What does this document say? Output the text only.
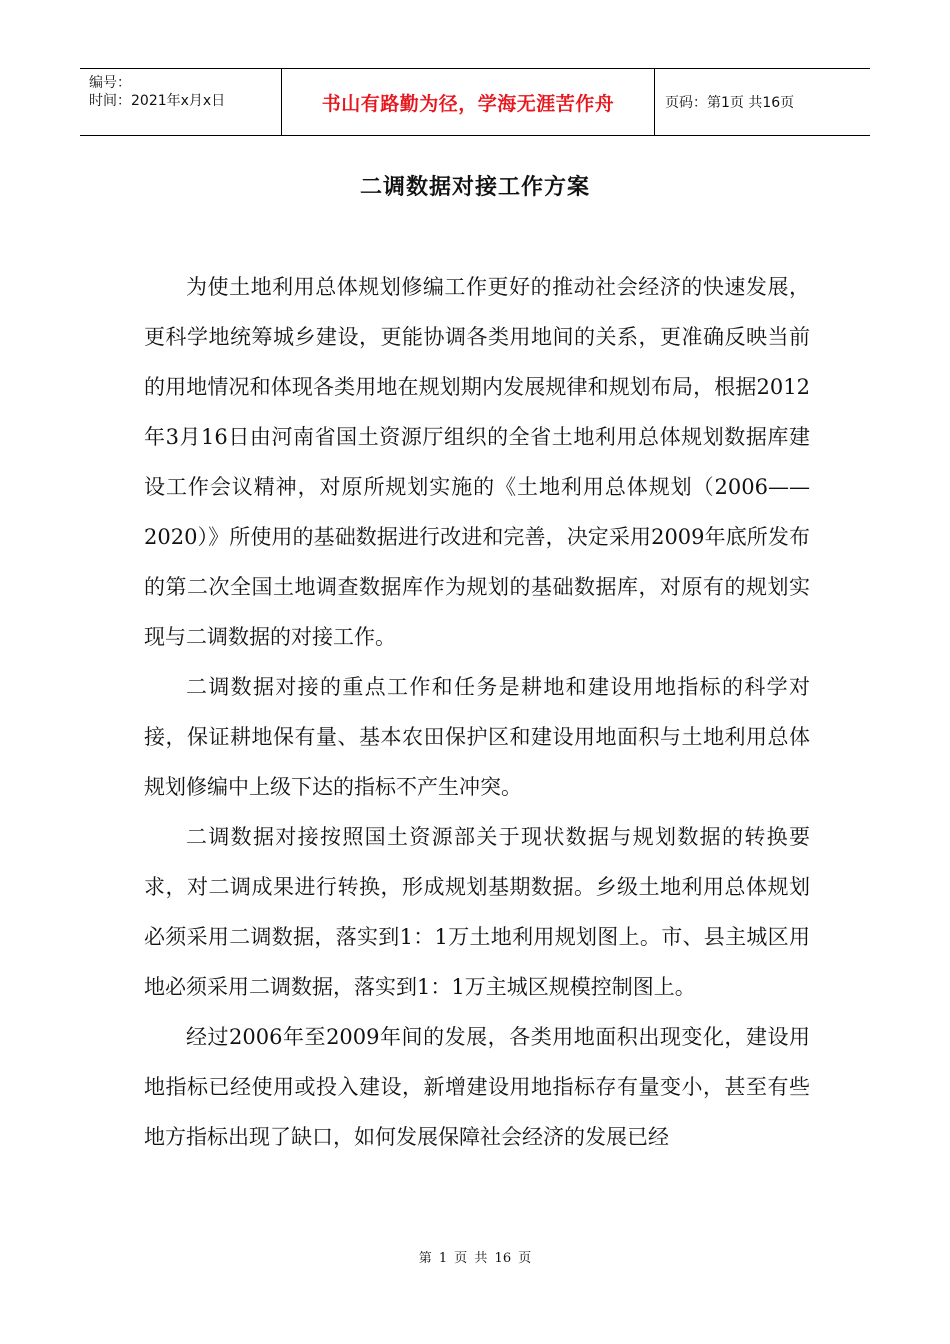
编号：
时间：2021年x月x日	书山有路勤为径，学海无涯苦作舟	页码：第1页 共16页
二调数据对接工作方案

为使土地利用总体规划修编工作更好的推动社会经济的快速发展，更科学地统筹城乡建设，更能协调各类用地间的关系，更准确反映当前的用地情况和体现各类用地在规划期内发展规律和规划布局，根据2012年3月16日由河南省国土资源厅组织的全省土地利用总体规划数据库建设工作会议精神，对原所规划实施的《土地利用总体规划（2006——2020）》所使用的基础数据进行改进和完善，决定采用2009年底所发布的第二次全国土地调查数据库作为规划的基础数据库，对原有的规划实现与二调数据的对接工作。

二调数据对接的重点工作和任务是耕地和建设用地指标的科学对接，保证耕地保有量、基本农田保护区和建设用地面积与土地利用总体规划修编中上级下达的指标不产生冲突。

二调数据对接按照国土资源部关于现状数据与规划数据的转换要求，对二调成果进行转换，形成规划基期数据。乡级土地利用总体规划必须采用二调数据，落实到1：1万土地利用规划图上。市、县主城区用地必须采用二调数据，落实到1：1万主城区规模控制图上。

经过2006年至2009年间的发展，各类用地面积出现变化，建设用地指标已经使用或投入建设，新增建设用地指标存有量变小，甚至有些地方指标出现了缺口，如何发展保障社会经济的发展已经

第 1 页 共 16 页
